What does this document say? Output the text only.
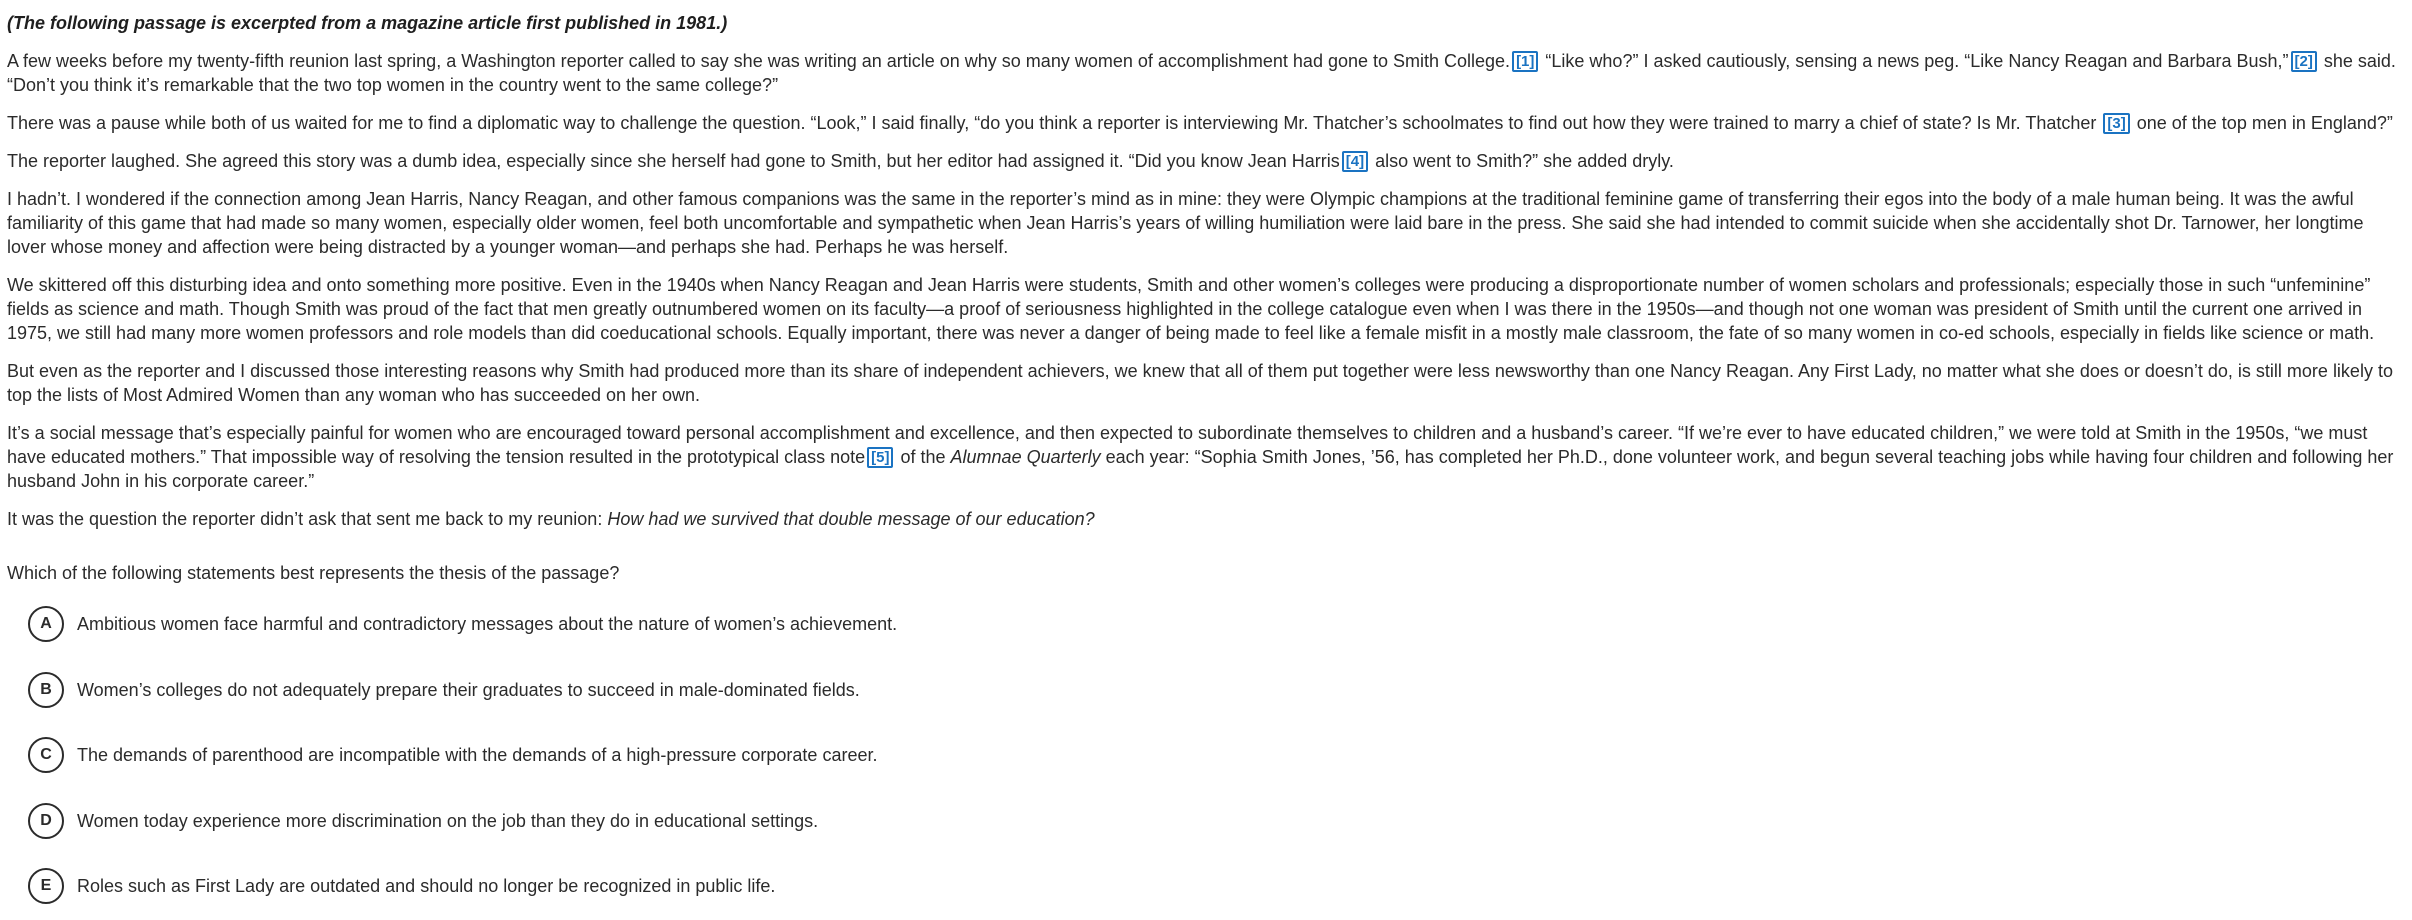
(The following passage is excerpted from a magazine article first published in 1981.)

A few weeks before my twenty-fifth reunion last spring, a Washington reporter called to say she was writing an article on why so many women of accomplishment had gone to Smith College. [1] “Like who?” I asked cautiously, sensing a news peg. “Like Nancy Reagan and Barbara Bush,” [2] she said. “Don’t you think it’s remarkable that the two top women in the country went to the same college?”

There was a pause while both of us waited for me to find a diplomatic way to challenge the question. “Look,” I said finally, “do you think a reporter is interviewing Mr. Thatcher’s schoolmates to find out how they were trained to marry a chief of state? Is Mr. Thatcher [3] one of the top men in England?”

The reporter laughed. She agreed this story was a dumb idea, especially since she herself had gone to Smith, but her editor had assigned it. “Did you know Jean Harris [4] also went to Smith?” she added dryly.

I hadn’t. I wondered if the connection among Jean Harris, Nancy Reagan, and other famous companions was the same in the reporter’s mind as in mine: they were Olympic champions at the traditional feminine game of transferring their egos into the body of a male human being. It was the awful familiarity of this game that had made so many women, especially older women, feel both uncomfortable and sympathetic when Jean Harris’s years of willing humiliation were laid bare in the press. She said she had intended to commit suicide when she accidentally shot Dr. Tarnower, her longtime lover whose money and affection were being distracted by a younger woman—and perhaps she had. Perhaps he was herself.

We skittered off this disturbing idea and onto something more positive. Even in the 1940s when Nancy Reagan and Jean Harris were students, Smith and other women’s colleges were producing a disproportionate number of women scholars and professionals; especially those in such “unfeminine” fields as science and math. Though Smith was proud of the fact that men greatly outnumbered women on its faculty—a proof of seriousness highlighted in the college catalogue even when I was there in the 1950s—and though not one woman was president of Smith until the current one arrived in 1975, we still had many more women professors and role models than did coeducational schools. Equally important, there was never a danger of being made to feel like a female misfit in a mostly male classroom, the fate of so many women in co-ed schools, especially in fields like science or math.

But even as the reporter and I discussed those interesting reasons why Smith had produced more than its share of independent achievers, we knew that all of them put together were less newsworthy than one Nancy Reagan. Any First Lady, no matter what she does or doesn’t do, is still more likely to top the lists of Most Admired Women than any woman who has succeeded on her own.

It’s a social message that’s especially painful for women who are encouraged toward personal accomplishment and excellence, and then expected to subordinate themselves to children and a husband’s career. “If we’re ever to have educated children,” we were told at Smith in the 1950s, “we must have educated mothers.” That impossible way of resolving the tension resulted in the prototypical class note [5] of the Alumnae Quarterly each year: “Sophia Smith Jones, ’56, has completed her Ph.D., done volunteer work, and begun several teaching jobs while having four children and following her husband John in his corporate career.”

It was the question the reporter didn’t ask that sent me back to my reunion: How had we survived that double message of our education?

Which of the following statements best represents the thesis of the passage?

A	Ambitious women face harmful and contradictory messages about the nature of women’s achievement.
B	Women’s colleges do not adequately prepare their graduates to succeed in male-dominated fields.
C	The demands of parenthood are incompatible with the demands of a high-pressure corporate career.
D	Women today experience more discrimination on the job than they do in educational settings.
E	Roles such as First Lady are outdated and should no longer be recognized in public life.
